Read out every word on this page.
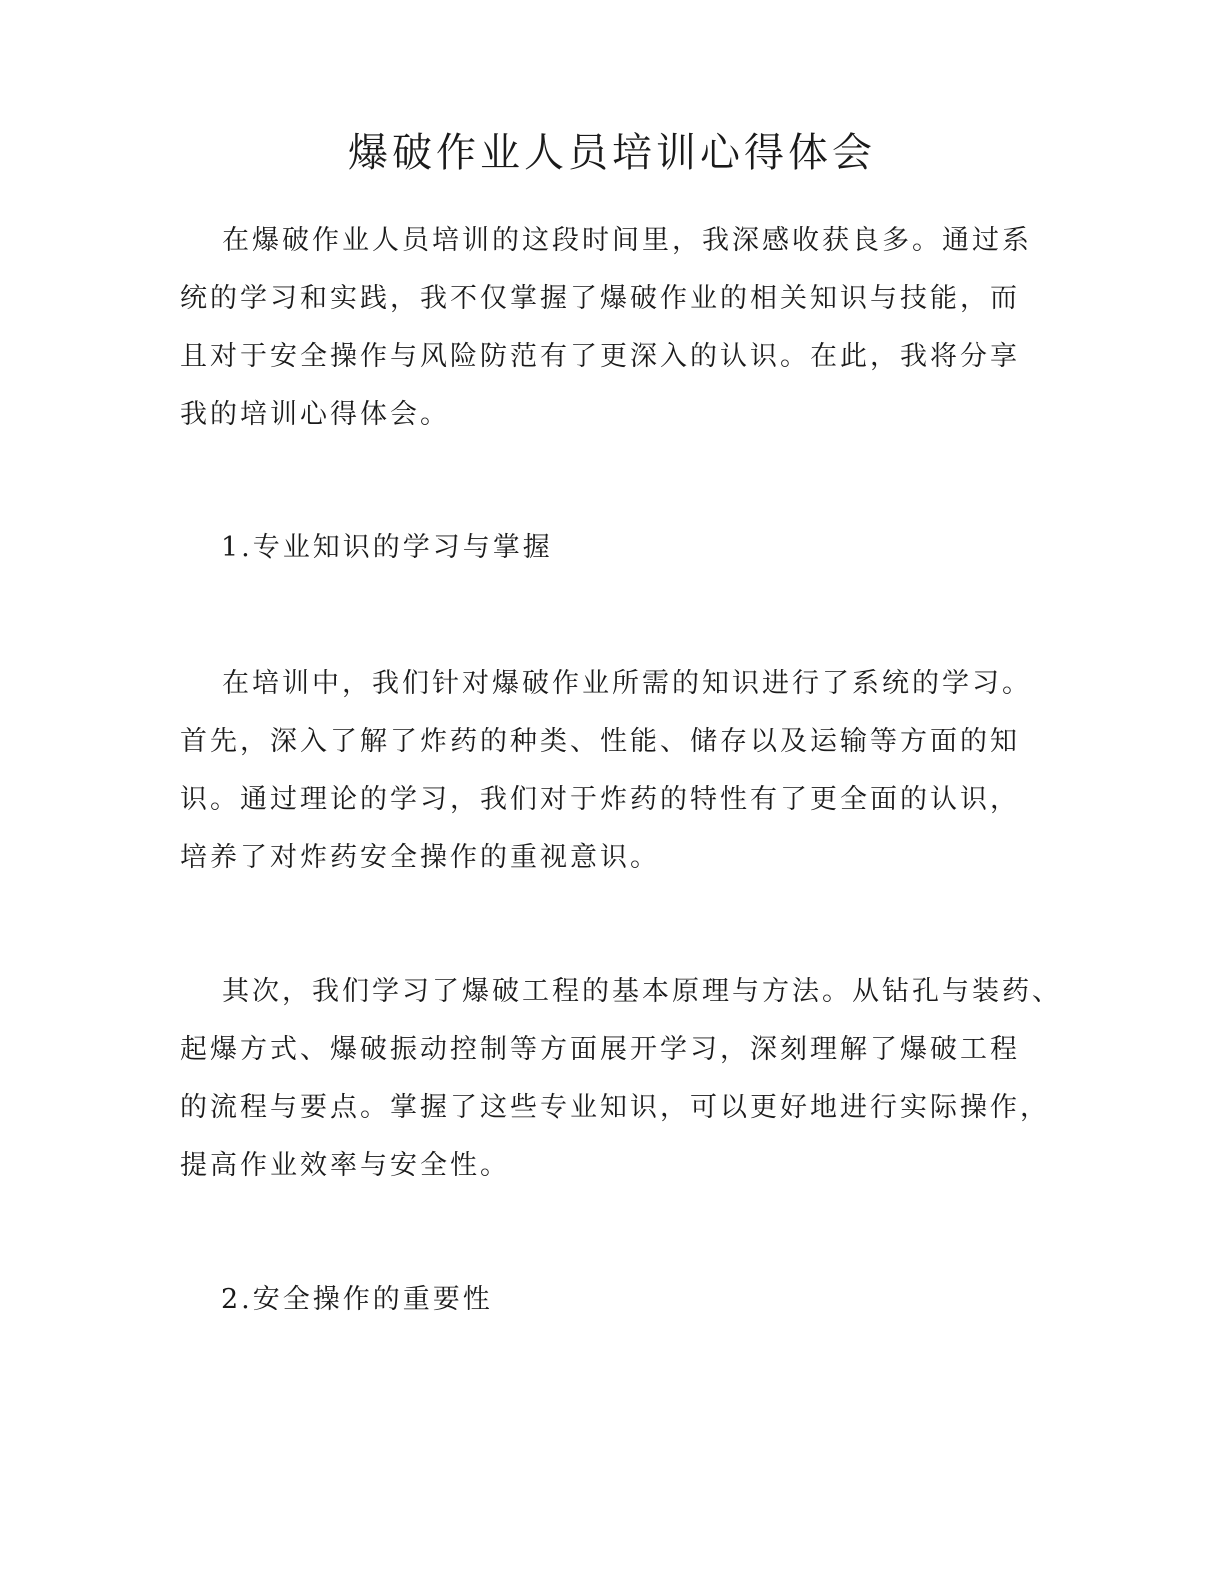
爆破作业人员培训心得体会
在爆破作业人员培训的这段时间里，我深感收获良多。通过系
统的学习和实践，我不仅掌握了爆破作业的相关知识与技能，而
且对于安全操作与风险防范有了更深入的认识。在此，我将分享
我的培训心得体会。
1.专业知识的学习与掌握
在培训中，我们针对爆破作业所需的知识进行了系统的学习。
首先，深入了解了炸药的种类、性能、储存以及运输等方面的知
识。通过理论的学习，我们对于炸药的特性有了更全面的认识，
培养了对炸药安全操作的重视意识。
其次，我们学习了爆破工程的基本原理与方法。从钻孔与装药、
起爆方式、爆破振动控制等方面展开学习，深刻理解了爆破工程
的流程与要点。掌握了这些专业知识，可以更好地进行实际操作，
提高作业效率与安全性。
2.安全操作的重要性
